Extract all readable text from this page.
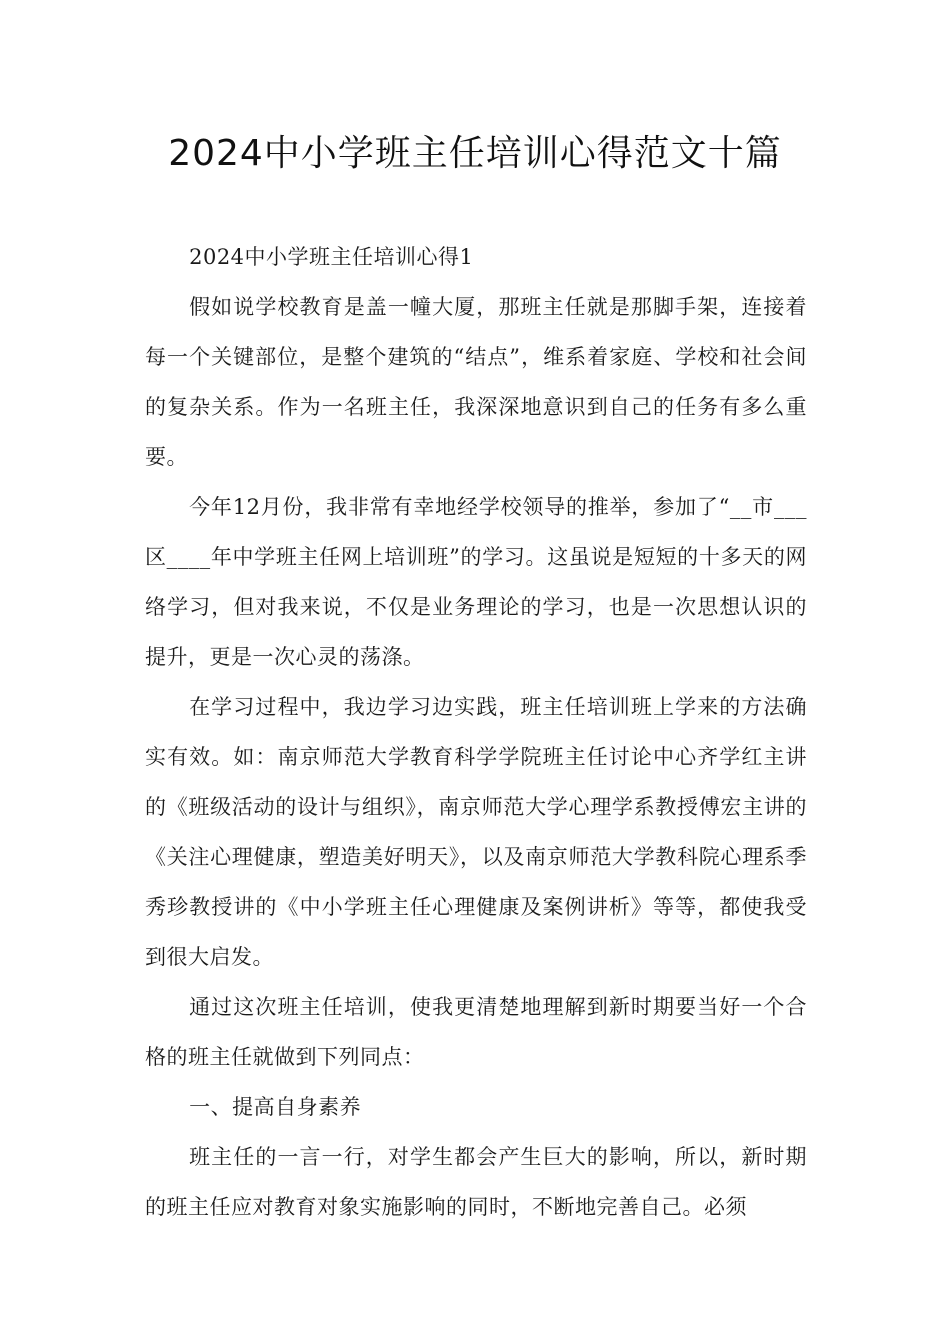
2024中小学班主任培训心得范文十篇

2024中小学班主任培训心得1

假如说学校教育是盖一幢大厦，那班主任就是那脚手架，连接着每一个关键部位，是整个建筑的“结点”，维系着家庭、学校和社会间的复杂关系。作为一名班主任，我深深地意识到自己的任务有多么重要。

今年12月份，我非常有幸地经学校领导的推举，参加了“__市___区____年中学班主任网上培训班”的学习。这虽说是短短的十多天的网络学习，但对我来说，不仅是业务理论的学习，也是一次思想认识的提升，更是一次心灵的荡涤。

在学习过程中，我边学习边实践，班主任培训班上学来的方法确实有效。如：南京师范大学教育科学学院班主任讨论中心齐学红主讲的《班级活动的设计与组织》，南京师范大学心理学系教授傅宏主讲的《关注心理健康，塑造美好明天》，以及南京师范大学教科院心理系季秀珍教授讲的《中小学班主任心理健康及案例讲析》等等，都使我受到很大启发。

通过这次班主任培训，使我更清楚地理解到新时期要当好一个合格的班主任就做到下列同点：

一、提高自身素养

班主任的一言一行，对学生都会产生巨大的影响，所以，新时期的班主任应对教育对象实施影响的同时，不断地完善自己。必须
